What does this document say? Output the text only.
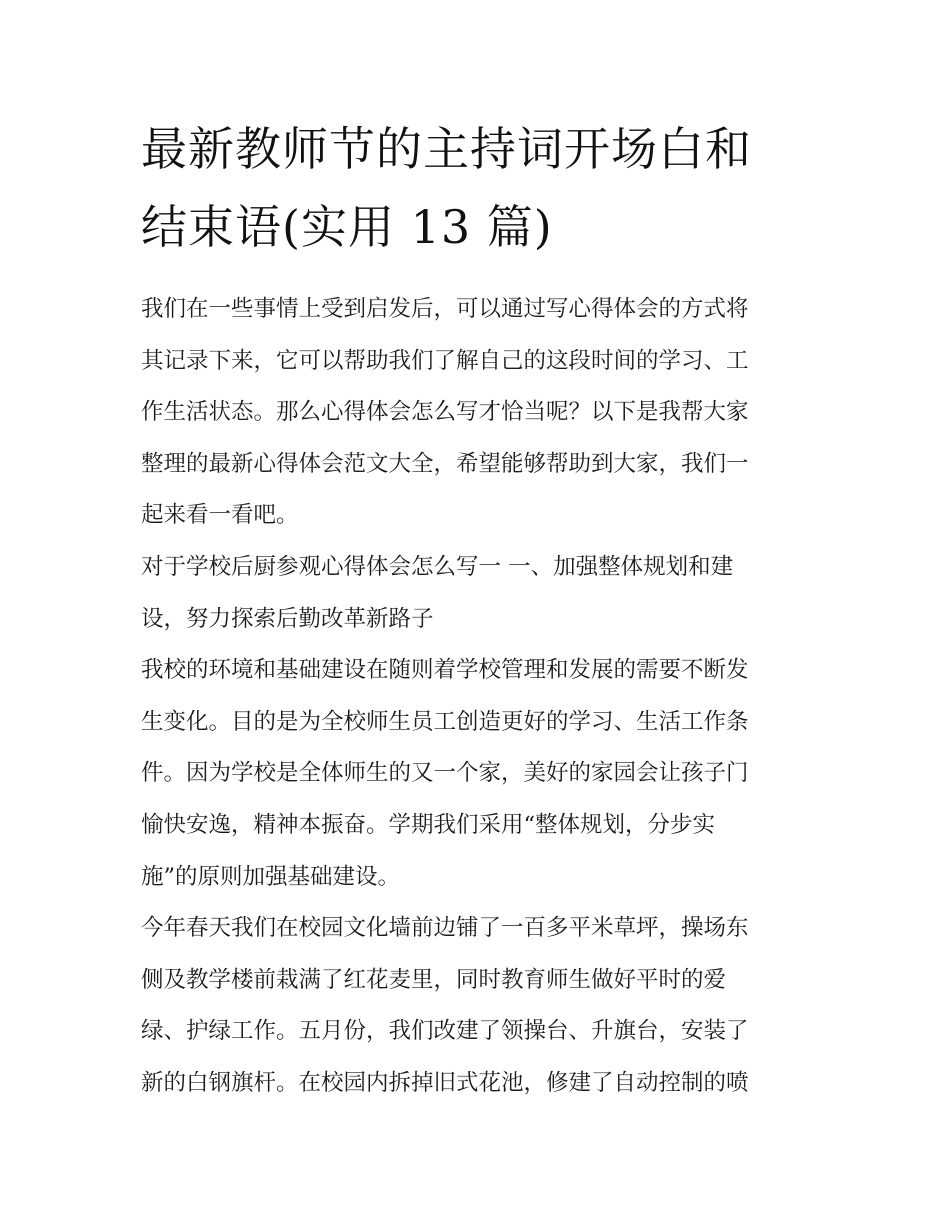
最新教师节的主持词开场白和
结束语(实用 13 篇)

我们在一些事情上受到启发后，可以通过写心得体会的方式将
其记录下来，它可以帮助我们了解自己的这段时间的学习、工
作生活状态。那么心得体会怎么写才恰当呢？以下是我帮大家
整理的最新心得体会范文大全，希望能够帮助到大家，我们一
起来看一看吧。

对于学校后厨参观心得体会怎么写一 一、加强整体规划和建
设，努力探索后勤改革新路子

我校的环境和基础建设在随则着学校管理和发展的需要不断发
生变化。目的是为全校师生员工创造更好的学习、生活工作条
件。因为学校是全体师生的又一个家，美好的家园会让孩子门
愉快安逸，精神本振奋。学期我们采用“整体规划，分步实
施”的原则加强基础建设。

今年春天我们在校园文化墙前边铺了一百多平米草坪，操场东
侧及教学楼前栽满了红花麦里，同时教育师生做好平时的爱
绿、护绿工作。五月份，我们改建了领操台、升旗台，安装了
新的白钢旗杆。在校园内拆掉旧式花池，修建了自动控制的喷
